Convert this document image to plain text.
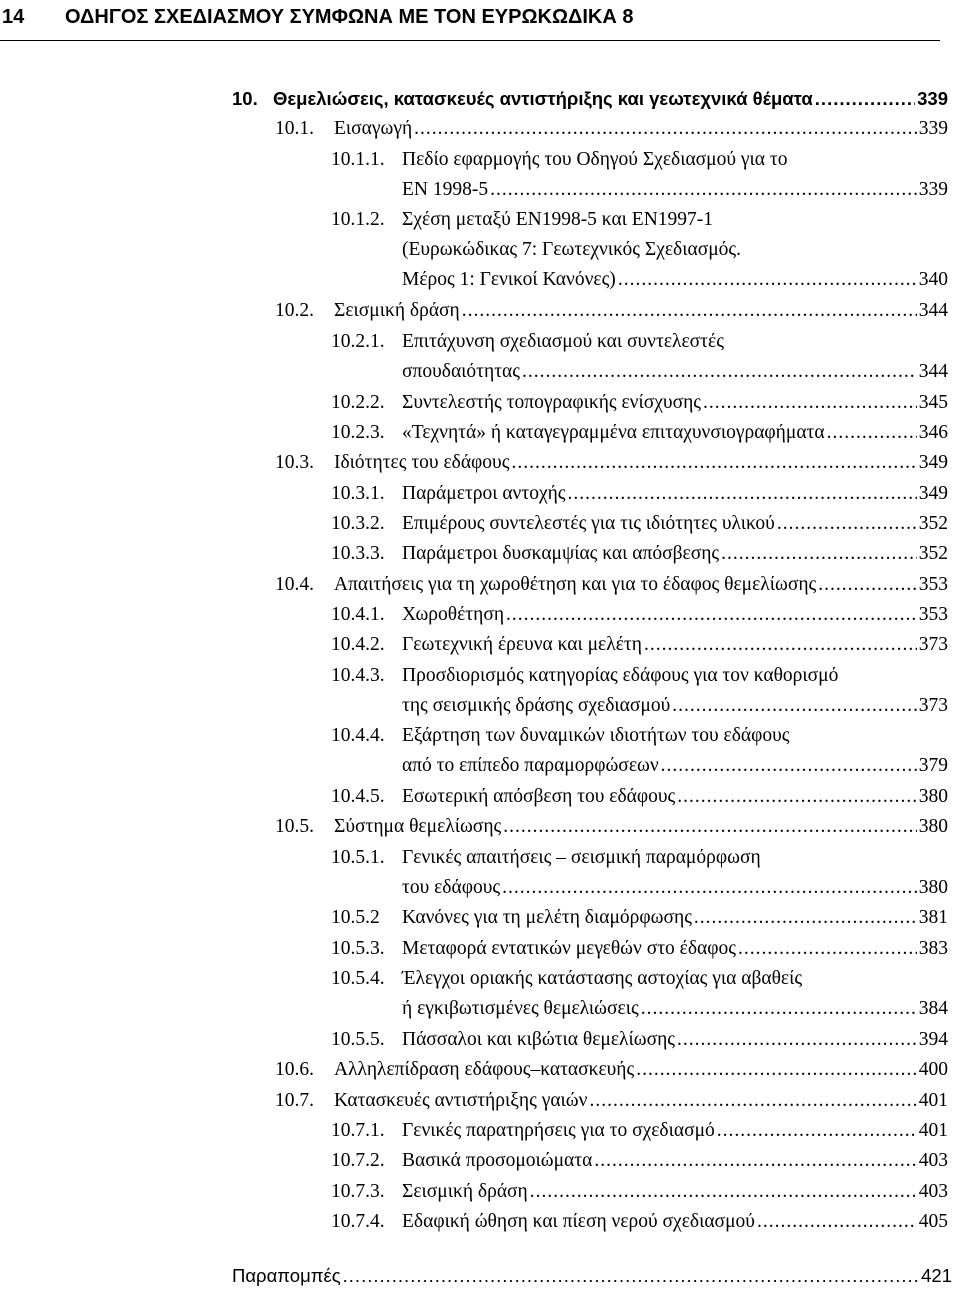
14 ΟΔΗΓΟΣ ΣΧΕΔΙΑΣΜΟΥ ΣΥΜΦΩΝΑ ΜΕ ΤΟΝ ΕΥΡΩΚΩΔΙΚΑ 8
10. Θεμελιώσεις, κατασκευές αντιστήριξης και γεωτεχνικά θέματα .....	339
10.1. Εισαγωγή .....	339
10.1.1. Πεδίο εφαρμογής του Οδηγού Σχεδιασμού για το
EN 1998-5 .....	339
10.1.2. Σχέση μεταξύ EN1998-5 και EN1997-1
(Ευρωκώδικας 7: Γεωτεχνικός Σχεδιασμός.
Μέρος 1: Γενικοί Κανόνες) .....	340
10.2. Σεισμική δράση .....	344
10.2.1. Επιτάχυνση σχεδιασμού και συντελεστές
σπουδαιότητας .....	344
10.2.2. Συντελεστής τοπογραφικής ενίσχυσης .....	345
10.2.3. «Τεχνητά» ή καταγεγραμμένα επιταχυνσιογραφήματα .....	346
10.3. Ιδιότητες του εδάφους .....	349
10.3.1. Παράμετροι αντοχής .....	349
10.3.2. Επιμέρους συντελεστές για τις ιδιότητες υλικού .....	352
10.3.3. Παράμετροι δυσκαμψίας και απόσβεσης .....	352
10.4. Απαιτήσεις για τη χωροθέτηση και για το έδαφος θεμελίωσης .....	353
10.4.1. Χωροθέτηση .....	353
10.4.2. Γεωτεχνική έρευνα και μελέτη .....	373
10.4.3. Προσδιορισμός κατηγορίας εδάφους για τον καθορισμό
της σεισμικής δράσης σχεδιασμού .....	373
10.4.4. Εξάρτηση των δυναμικών ιδιοτήτων του εδάφους
από το επίπεδο παραμορφώσεων .....	379
10.4.5. Εσωτερική απόσβεση του εδάφους .....	380
10.5. Σύστημα θεμελίωσης .....	380
10.5.1. Γενικές απαιτήσεις – σεισμική παραμόρφωση
του εδάφους .....	380
10.5.2 Κανόνες για τη μελέτη διαμόρφωσης .....	381
10.5.3. Μεταφορά εντατικών μεγεθών στο έδαφος .....	383
10.5.4. Έλεγχοι οριακής κατάστασης αστοχίας για αβαθείς
ή εγκιβωτισμένες θεμελιώσεις .....	384
10.5.5. Πάσσαλοι και κιβώτια θεμελίωσης .....	394
10.6. Αλληλεπίδραση εδάφους–κατασκευής .....	400
10.7. Κατασκευές αντιστήριξης γαιών .....	401
10.7.1. Γενικές παρατηρήσεις για το σχεδιασμό .....	401
10.7.2. Βασικά προσομοιώματα .....	403
10.7.3. Σεισμική δράση .....	403
10.7.4. Εδαφική ώθηση και πίεση νερού σχεδιασμού .....	405
Παραπομπές .....	421
